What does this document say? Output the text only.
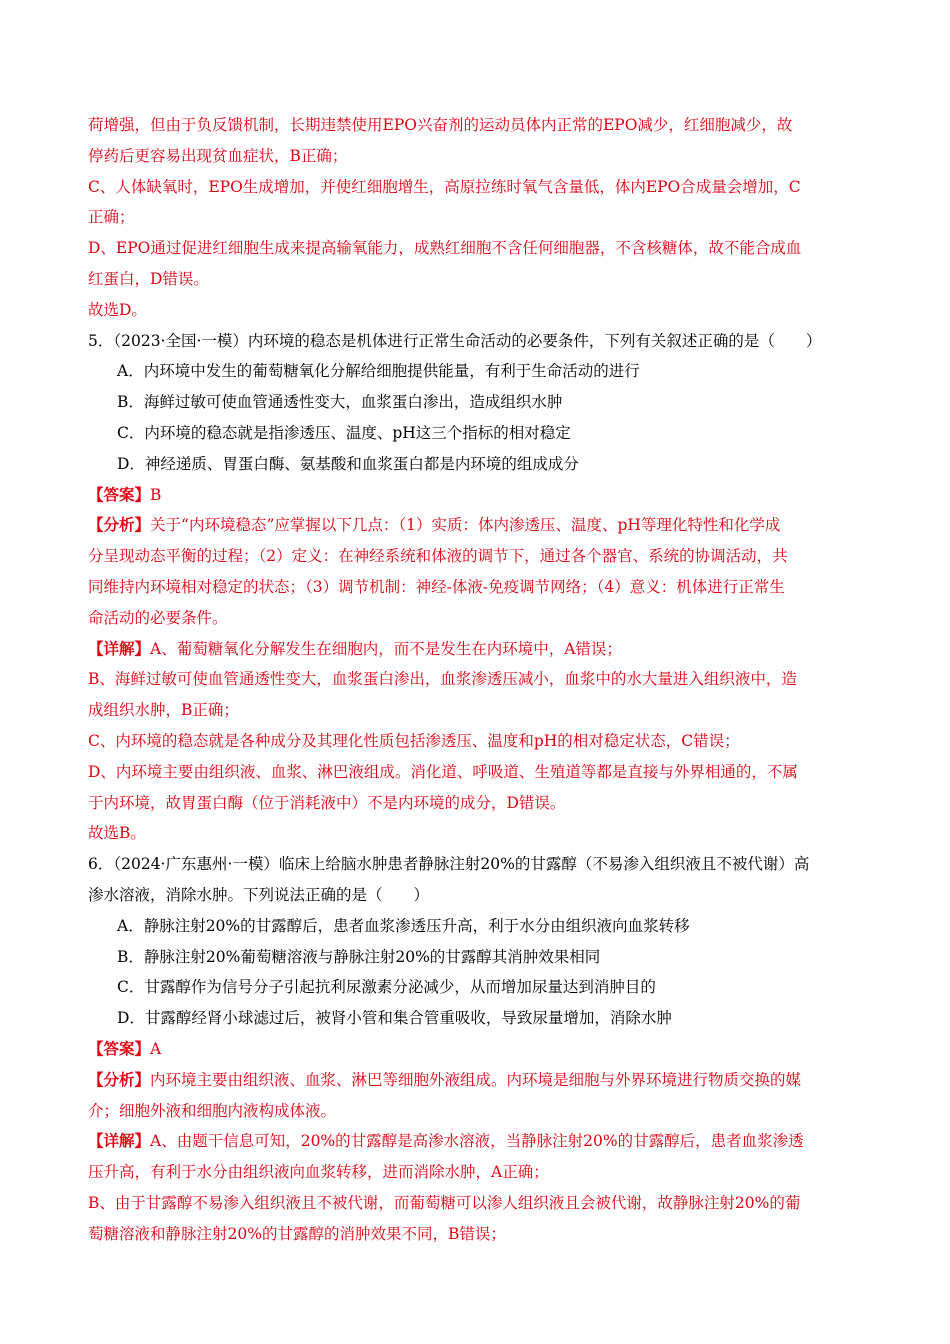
荷增强，但由于负反馈机制，长期违禁使用EPO兴奋剂的运动员体内正常的EPO减少，红细胞减少，故
停药后更容易出现贫血症状，B正确；
C、人体缺氧时，EPO生成增加，并使红细胞增生，高原拉练时氧气含量低，体内EPO合成量会增加，C
正确；
D、EPO通过促进红细胞生成来提高输氧能力，成熟红细胞不含任何细胞器，不含核糖体，故不能合成血
红蛋白，D错误。
故选D。
5．（2023·全国·一模）内环境的稳态是机体进行正常生命活动的必要条件，下列有关叙述正确的是（　　）
A．内环境中发生的葡萄糖氧化分解给细胞提供能量，有利于生命活动的进行
B．海鲜过敏可使血管通透性变大，血浆蛋白渗出，造成组织水肿
C．内环境的稳态就是指渗透压、温度、pH这三个指标的相对稳定
D．神经递质、胃蛋白酶、氨基酸和血浆蛋白都是内环境的组成成分
【答案】B
【分析】关于“内环境稳态”应掌握以下几点：（1）实质：体内渗透压、温度、pH等理化特性和化学成
分呈现动态平衡的过程；（2）定义：在神经系统和体液的调节下，通过各个器官、系统的协调活动，共
同维持内环境相对稳定的状态；（3）调节机制：神经-体液-免疫调节网络；（4）意义：机体进行正常生
命活动的必要条件。
【详解】A、葡萄糖氧化分解发生在细胞内，而不是发生在内环境中，A错误；
B、海鲜过敏可使血管通透性变大，血浆蛋白渗出，血浆渗透压减小，血浆中的水大量进入组织液中，造
成组织水肿，B正确；
C、内环境的稳态就是各种成分及其理化性质包括渗透压、温度和pH的相对稳定状态，C错误；
D、内环境主要由组织液、血浆、淋巴液组成。消化道、呼吸道、生殖道等都是直接与外界相通的，不属
于内环境，故胃蛋白酶（位于消耗液中）不是内环境的成分，D错误。
故选B。
6．（2024·广东惠州·一模）临床上给脑水肿患者静脉注射20%的甘露醇（不易渗入组织液且不被代谢）高
渗水溶液，消除水肿。下列说法正确的是（　　）
A．静脉注射20%的甘露醇后，患者血浆渗透压升高，利于水分由组织液向血浆转移
B．静脉注射20%葡萄糖溶液与静脉注射20%的甘露醇其消肿效果相同
C．甘露醇作为信号分子引起抗利尿激素分泌减少，从而增加尿量达到消肿目的
D．甘露醇经肾小球滤过后，被肾小管和集合管重吸收，导致尿量增加，消除水肿
【答案】A
【分析】内环境主要由组织液、血浆、淋巴等细胞外液组成。内环境是细胞与外界环境进行物质交换的媒
介；细胞外液和细胞内液构成体液。
【详解】A、由题干信息可知，20%的甘露醇是高渗水溶液，当静脉注射20%的甘露醇后，患者血浆渗透
压升高，有利于水分由组织液向血浆转移，进而消除水肿，A正确；
B、由于甘露醇不易渗入组织液且不被代谢，而葡萄糖可以渗人组织液且会被代谢，故静脉注射20%的葡
萄糖溶液和静脉注射20%的甘露醇的消肿效果不同，B错误；
